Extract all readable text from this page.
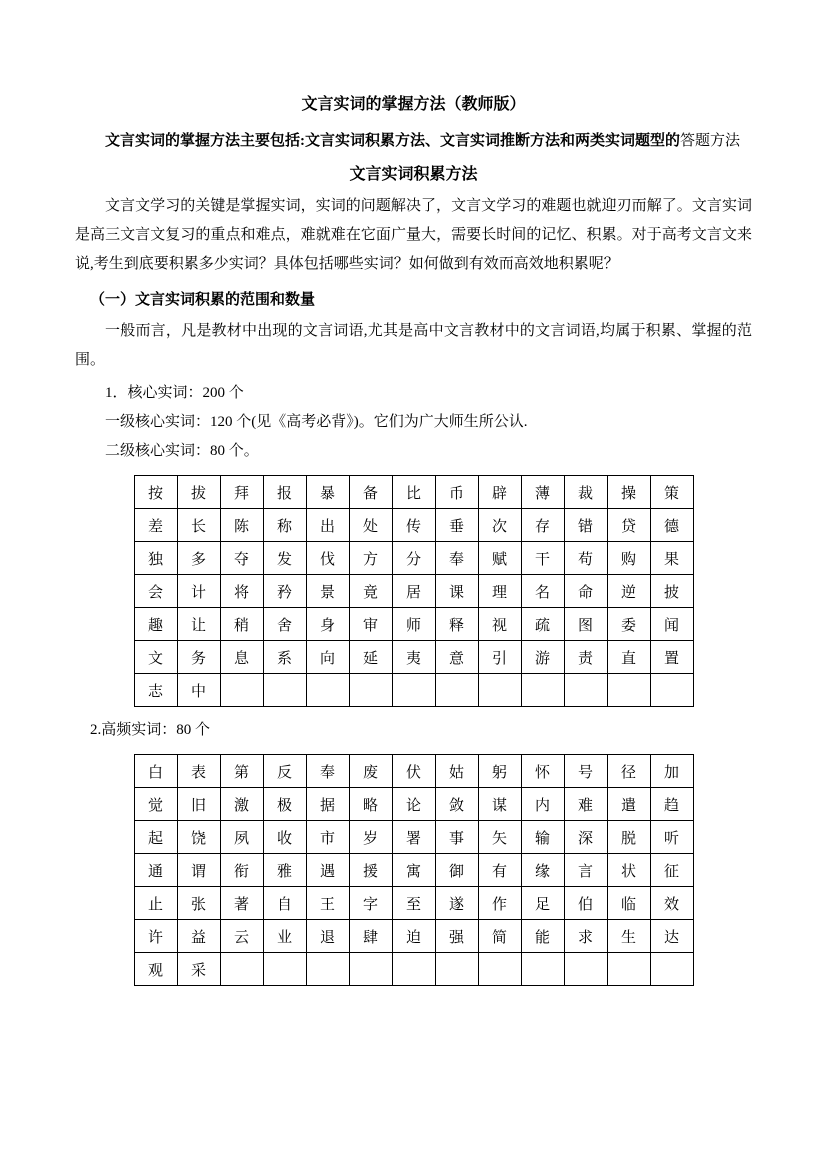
文言实词的掌握方法（教师版）

文言实词的掌握方法主要包括:文言实词积累方法、文言实词推断方法和两类实词题型的答题方法

文言实词积累方法

文言文学习的关键是掌握实词，实词的问题解决了，文言文学习的难题也就迎刃而解了。文言实词是高三文言文复习的重点和难点，难就难在它面广量大，需要长时间的记忆、积累。对于高考文言文来说,考生到底要积累多少实词？具体包括哪些实词？如何做到有效而高效地积累呢？

（一）文言实词积累的范围和数量

一般而言，凡是教材中出现的文言词语,尤其是高中文言教材中的文言词语,均属于积累、掌握的范围。

1．核心实词：200 个

一级核心实词：120 个(见《高考必背》)。它们为广大师生所公认.

二级核心实词：80 个。

按	拔	拜	报	暴	备	比	币	辟	薄	裁	操	策
差	长	陈	称	出	处	传	垂	次	存	错	贷	德
独	多	夺	发	伐	方	分	奉	赋	干	苟	购	果
会	计	将	矜	景	竟	居	课	理	名	命	逆	披
趣	让	稍	舍	身	审	师	释	视	疏	图	委	闻
文	务	息	系	向	延	夷	意	引	游	责	直	置
志	中											

2.高频实词：80 个

白	表	第	反	奉	废	伏	姑	躬	怀	号	径	加
觉	旧	激	极	据	略	论	敛	谋	内	难	遣	趋
起	饶	夙	收	市	岁	署	事	矢	输	深	脱	听
通	谓	衔	雅	遇	援	寓	御	有	缘	言	状	征
止	张	著	自	王	字	至	遂	作	足	伯	临	效
许	益	云	业	退	肆	迫	强	简	能	求	生	达
观	采											
